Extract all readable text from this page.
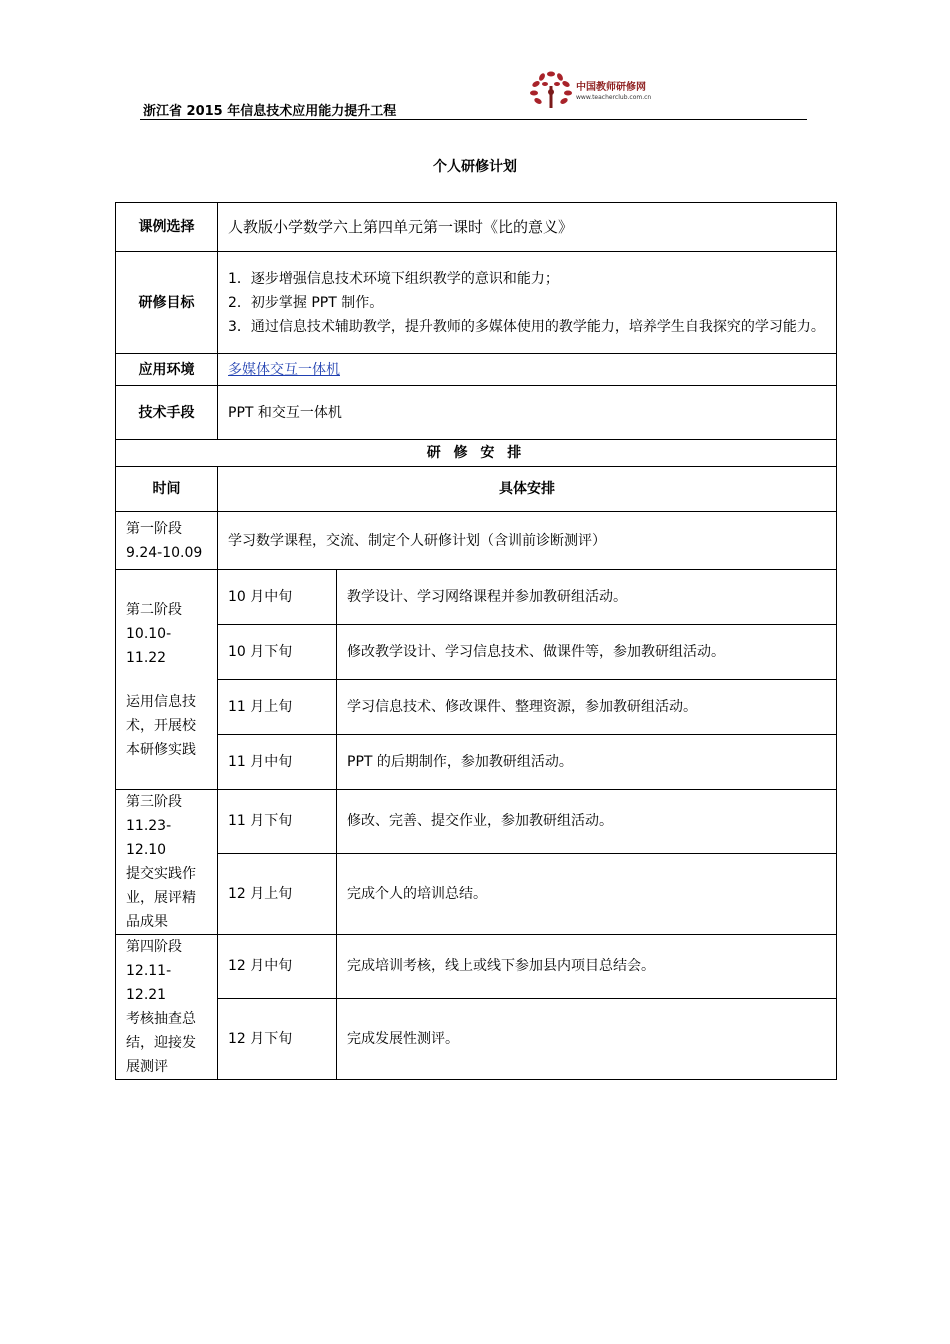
浙江省 2015 年信息技术应用能力提升工程
中国教师研修网
www.teacherclub.com.cn
个人研修计划
课例选择	人教版小学数学六上第四单元第一课时《比的意义》	
研修目标	1．逐步增强信息技术环境下组织教学的意识和能力；
2．初步掌握 PPT 制作。
3．通过信息技术辅助教学，提升教师的多媒体使用的教学能力，培养学生自我探究的学习能力。	

应用环境	多媒体交互一体机	
技术手段	PPT 和交互一体机	
研 修 安 排		
时间	具体安排	

第一阶段
9.24-10.09	学习数学课程，交流、制定个人研修计划（含训前诊断测评）	

第二阶段
10.10-11.22
运用信息技术，开展校本研修实践	10 月中旬	教学设计、学习网络课程并参加教研组活动。
	10 月下旬	修改教学设计、学习信息技术、做课件等，参加教研组活动。
	11 月上旬	学习信息技术、修改课件、整理资源，参加教研组活动。
	11 月中旬	PPT 的后期制作，参加教研组活动。

第三阶段
11.23-12.10
提交实践作业，展评精品成果	11 月下旬	修改、完善、提交作业，参加教研组活动。
	12 月上旬	完成个人的培训总结。

第四阶段
12.11-12.21
考核抽查总结，迎接发展测评	12 月中旬	完成培训考核，线上或线下参加县内项目总结会。
	12 月下旬	完成发展性测评。
